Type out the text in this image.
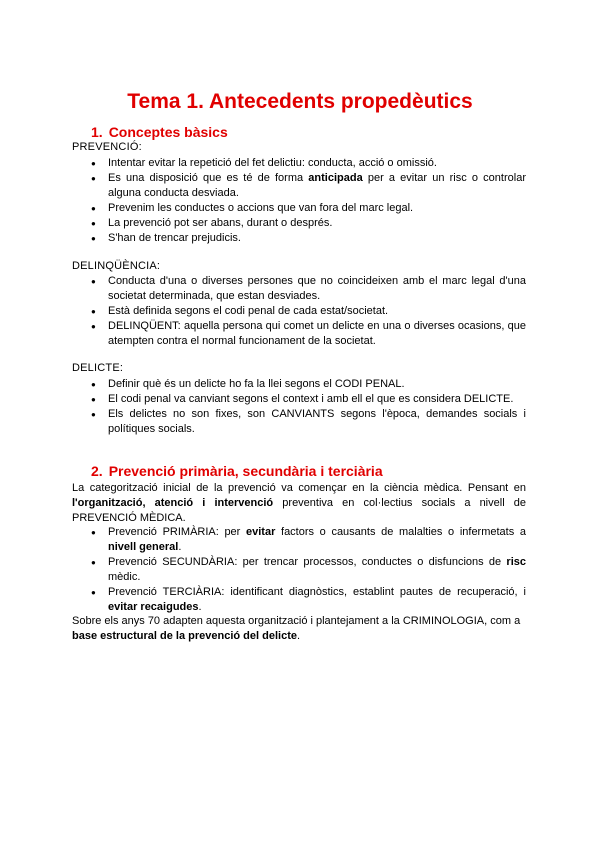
Tema 1. Antecedents propedèutics
1. Conceptes bàsics

PREVENCIÓ:

● Intentar evitar la repetició del fet delictiu: conducta, acció o omissió.
● Es una disposició que es té de forma anticipada per a evitar un risc o controlar alguna conducta desviada.
● Prevenim les conductes o accions que van fora del marc legal.
● La prevenció pot ser abans, durant o després.
● S'han de trencar prejudicis.

DELINQÜÈNCIA:

● Conducta d'una o diverses persones que no coincideixen amb el marc legal d'una societat determinada, que estan desviades.
● Està definida segons el codi penal de cada estat/societat.
● DELINQÜENT: aquella persona qui comet un delicte en una o diverses ocasions, que atempten contra el normal funcionament de la societat.

DELICTE:

● Definir què és un delicte ho fa la llei segons el CODI PENAL.
● El codi penal va canviant segons el context i amb ell el que es considera DELICTE.
● Els delictes no son fixes, son CANVIANTS segons l'època, demandes socials i polítiques socials.
2. Prevenció primària, secundària i terciària
La categorització inicial de la prevenció va començar en la ciència mèdica. Pensant en l'organització, atenció i intervenció preventiva en col·lectius socials a nivell de PREVENCIÓ MÈDICA.
● Prevenció PRIMÀRIA: per evitar factors o causants de malalties o infermetats a nivell general.
● Prevenció SECUNDÀRIA: per trencar processos, conductes o disfuncions de risc mèdic.
● Prevenció TERCIÀRIA: identificant diagnòstics, establint pautes de recuperació, i evitar recaigudes.
Sobre els anys 70 adapten aquesta organització i plantejament a la CRIMINOLOGIA, com a base estructural de la prevenció del delicte.
